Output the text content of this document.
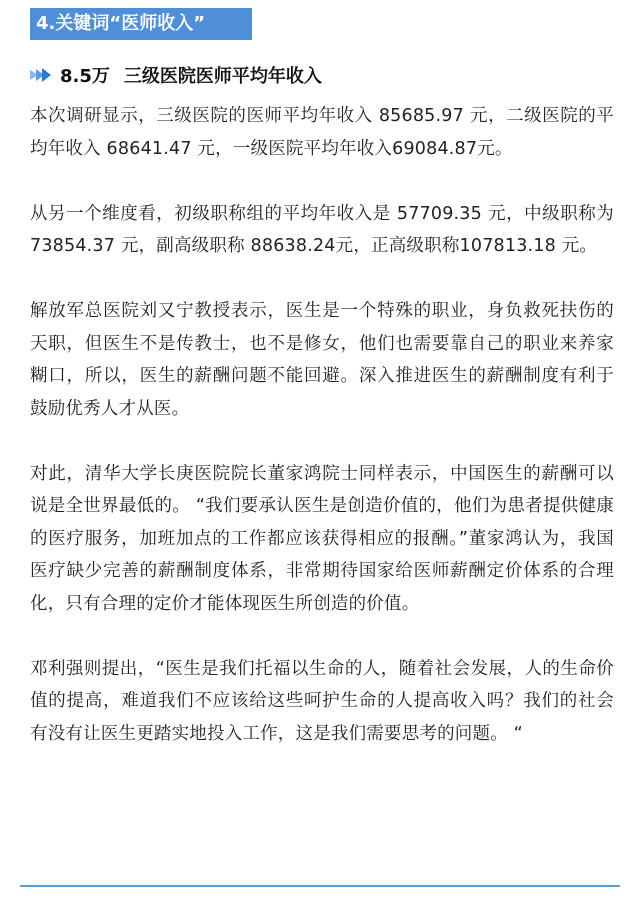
4.关键词“医师收入”
8.5万 三级医院医师平均年收入

本次调研显示，三级医院的医师平均年收入 85685.97 元，二级医院的平均年收入 68641.47 元，一级医院平均年收入69084.87元。

从另一个维度看，初级职称组的平均年收入是 57709.35 元，中级职称为 73854.37 元，副高级职称 88638.24元，正高级职称107813.18 元。

解放军总医院刘又宁教授表示，医生是一个特殊的职业，身负救死扶伤的天职，但医生不是传教士，也不是修女，他们也需要靠自己的职业来养家糊口，所以，医生的薪酬问题不能回避。深入推进医生的薪酬制度有利于鼓励优秀人才从医。

对此，清华大学长庚医院院长董家鸿院士同样表示，中国医生的薪酬可以说是全世界最低的。 “我们要承认医生是创造价值的，他们为患者提供健康的医疗服务，加班加点的工作都应该获得相应的报酬。”董家鸿认为，我国医疗缺少完善的薪酬制度体系，非常期待国家给医师薪酬定价体系的合理化，只有合理的定价才能体现医生所创造的价值。

邓利强则提出，“医生是我们托福以生命的人，随着社会发展，人的生命价值的提高，难道我们不应该给这些呵护生命的人提高收入吗？我们的社会有没有让医生更踏实地投入工作，这是我们需要思考的问题。 “
